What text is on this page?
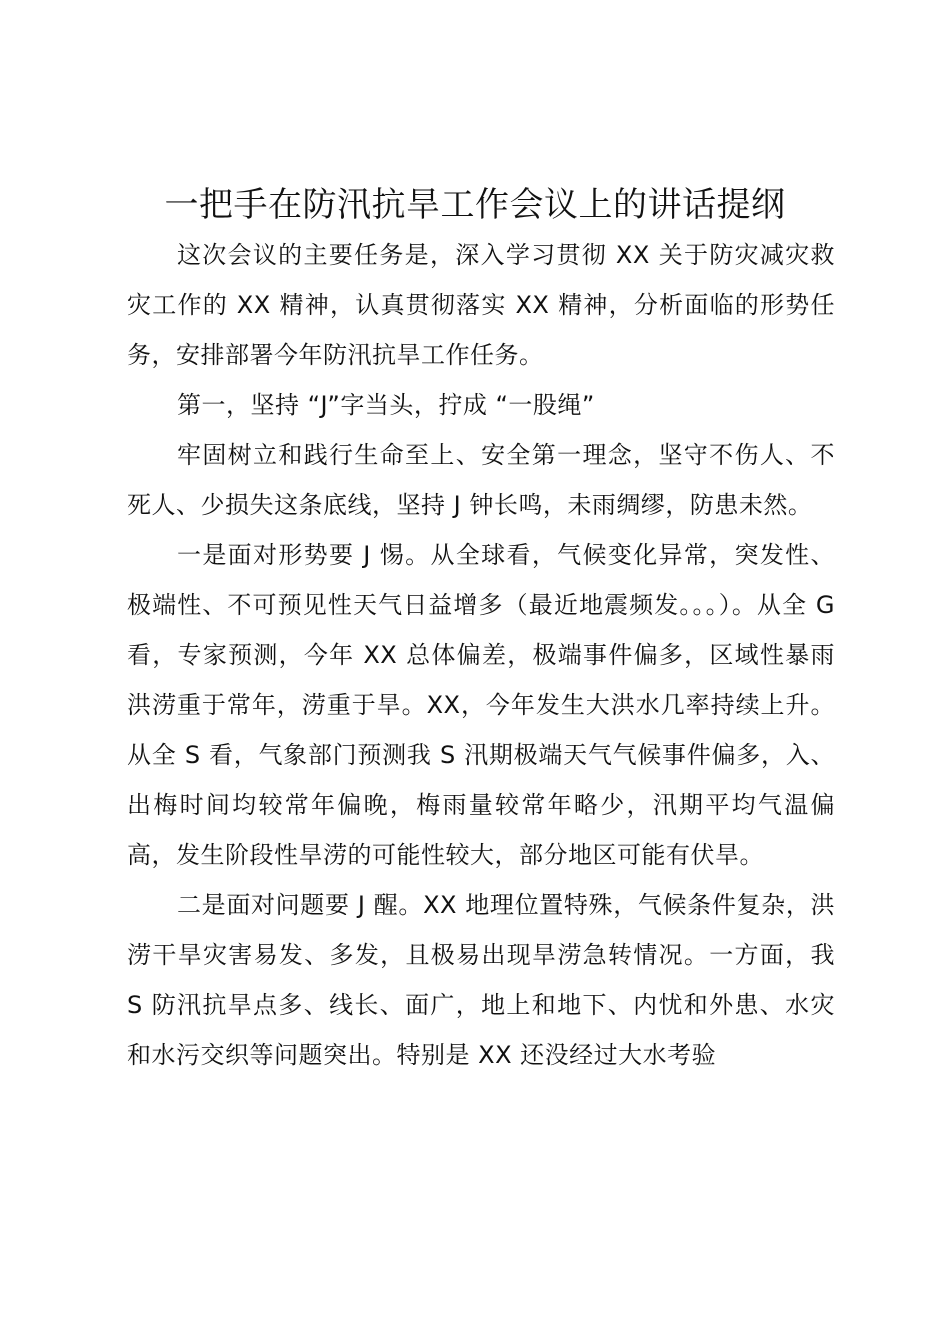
一把手在防汛抗旱工作会议上的讲话提纲

这次会议的主要任务是，深入学习贯彻 XX 关于防灾减灾救灾工作的 XX 精神，认真贯彻落实 XX 精神，分析面临的形势任务，安排部署今年防汛抗旱工作任务。

第一，坚持 “J”字当头，拧成 “一股绳”

牢固树立和践行生命至上、安全第一理念，坚守不伤人、不死人、少损失这条底线，坚持 J 钟长鸣，未雨绸缪，防患未然。

一是面对形势要 J 惕。从全球看，气候变化异常，突发性、极端性、不可预见性天气日益增多（最近地震频发。。。）。从全 G 看，专家预测，今年 XX 总体偏差，极端事件偏多，区域性暴雨洪涝重于常年，涝重于旱。XX，今年发生大洪水几率持续上升。从全 S 看，气象部门预测我 S 汛期极端天气气候事件偏多，入、出梅时间均较常年偏晚，梅雨量较常年略少，汛期平均气温偏高，发生阶段性旱涝的可能性较大，部分地区可能有伏旱。

二是面对问题要 J 醒。XX 地理位置特殊，气候条件复杂，洪涝干旱灾害易发、多发，且极易出现旱涝急转情况。一方面，我 S 防汛抗旱点多、线长、面广，地上和地下、内忧和外患、水灾和水污交织等问题突出。特别是 XX 还没经过大水考验
